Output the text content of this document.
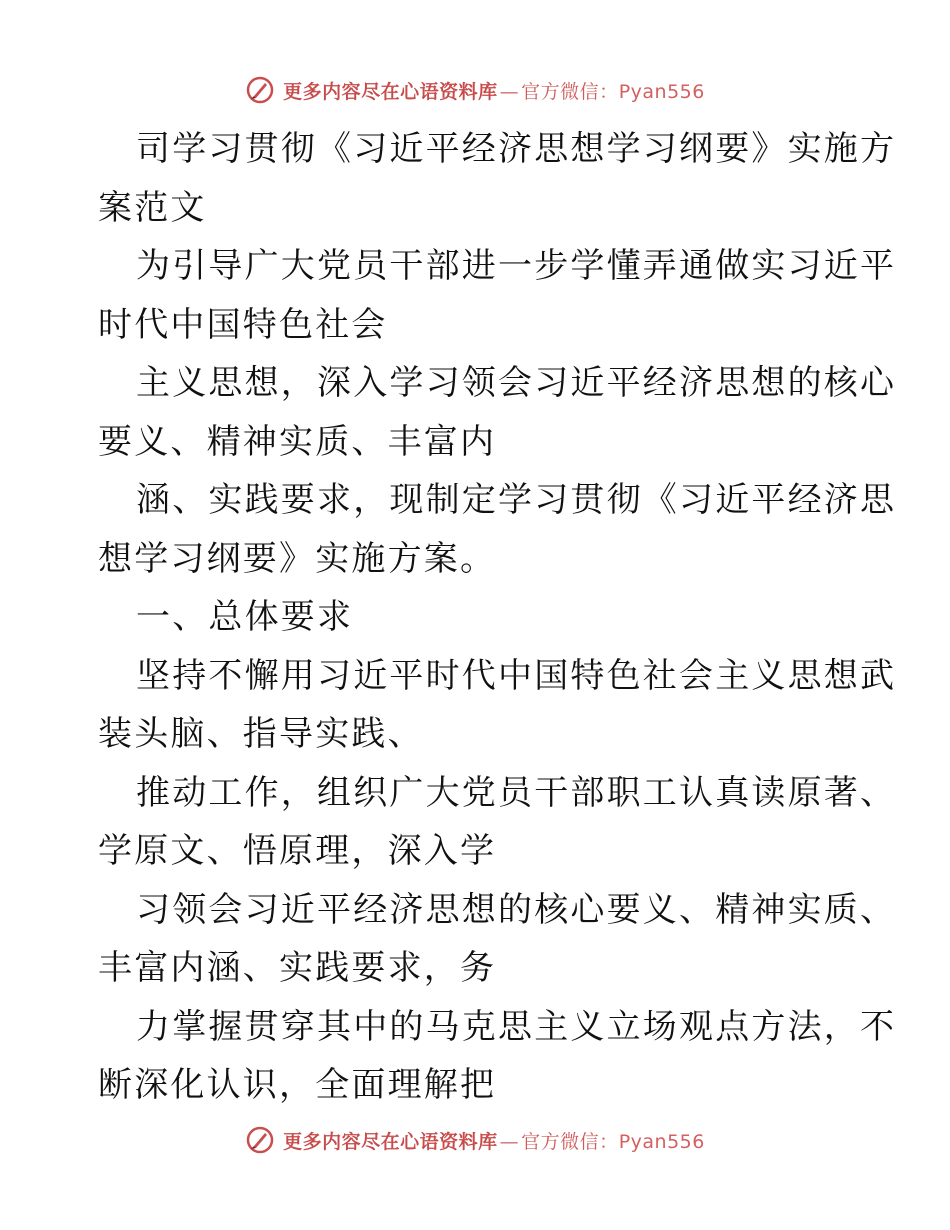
更多内容尽在心语资料库 — 官方微信：Pyan556
司学习贯彻《习近平经济思想学习纲要》实施方
案范文
为引导广大党员干部进一步学懂弄通做实习近平
时代中国特色社会
主义思想，深入学习领会习近平经济思想的核心
要义、精神实质、丰富内
涵、实践要求，现制定学习贯彻《习近平经济思
想学习纲要》实施方案。
一、总体要求
坚持不懈用习近平时代中国特色社会主义思想武
装头脑、指导实践、
推动工作，组织广大党员干部职工认真读原著、
学原文、悟原理，深入学
习领会习近平经济思想的核心要义、精神实质、
丰富内涵、实践要求，务
力掌握贯穿其中的马克思主义立场观点方法，不
断深化认识，全面理解把
更多内容尽在心语资料库 — 官方微信：Pyan556
